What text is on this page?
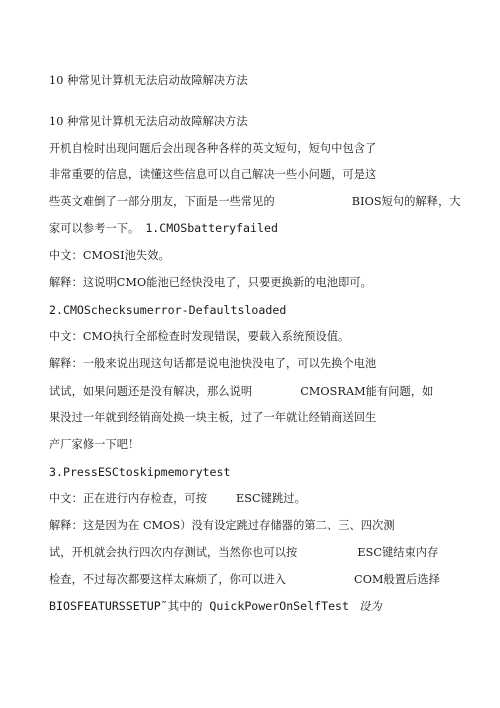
10 种常见计算机无法启动故障解决方法
10 种常见计算机无法启动故障解决方法
开机自检时出现问题后会出现各种各样的英文短句，短句中包含了
非常重要的信息，读懂这些信息可以自己解决一些小问题，可是这
些英文难倒了一部分朋友，下面是一些常见的	BIOS短句的解释，大
家可以参考一下。 1.CMOSbatteryfailed
中文：CMOSI池失效。
解释：这说明CMO能池已经快没电了，只要更换新的电池即可。
2.CMOSchecksumerror-Defaultsloaded
中文：CMO执行全部检查时发现错误，要载入系统预设值。
解释：一般来说出现这句话都是说电池快没电了，可以先换个电池
试试，如果问题还是没有解决，那么说明	CMOSRAM能有问题，如
果没过一年就到经销商处换一块主板，过了一年就让经销商送回生
产厂家修一下吧！
3.PressESCtoskipmemorytest
中文：正在进行内存检查，可按	ESC键跳过。
解释：这是因为在 CMOS）没有设定跳过存储器的第二、三、四次测
试，开机就会执行四次内存测试，当然你也可以按	ESC键结束内存
检查，不过每次都要这样太麻烦了，你可以进入	COM般置后选择
BIOSFEATURSSETUP˜其中的 QuickPowerOnSelfTest 设为
